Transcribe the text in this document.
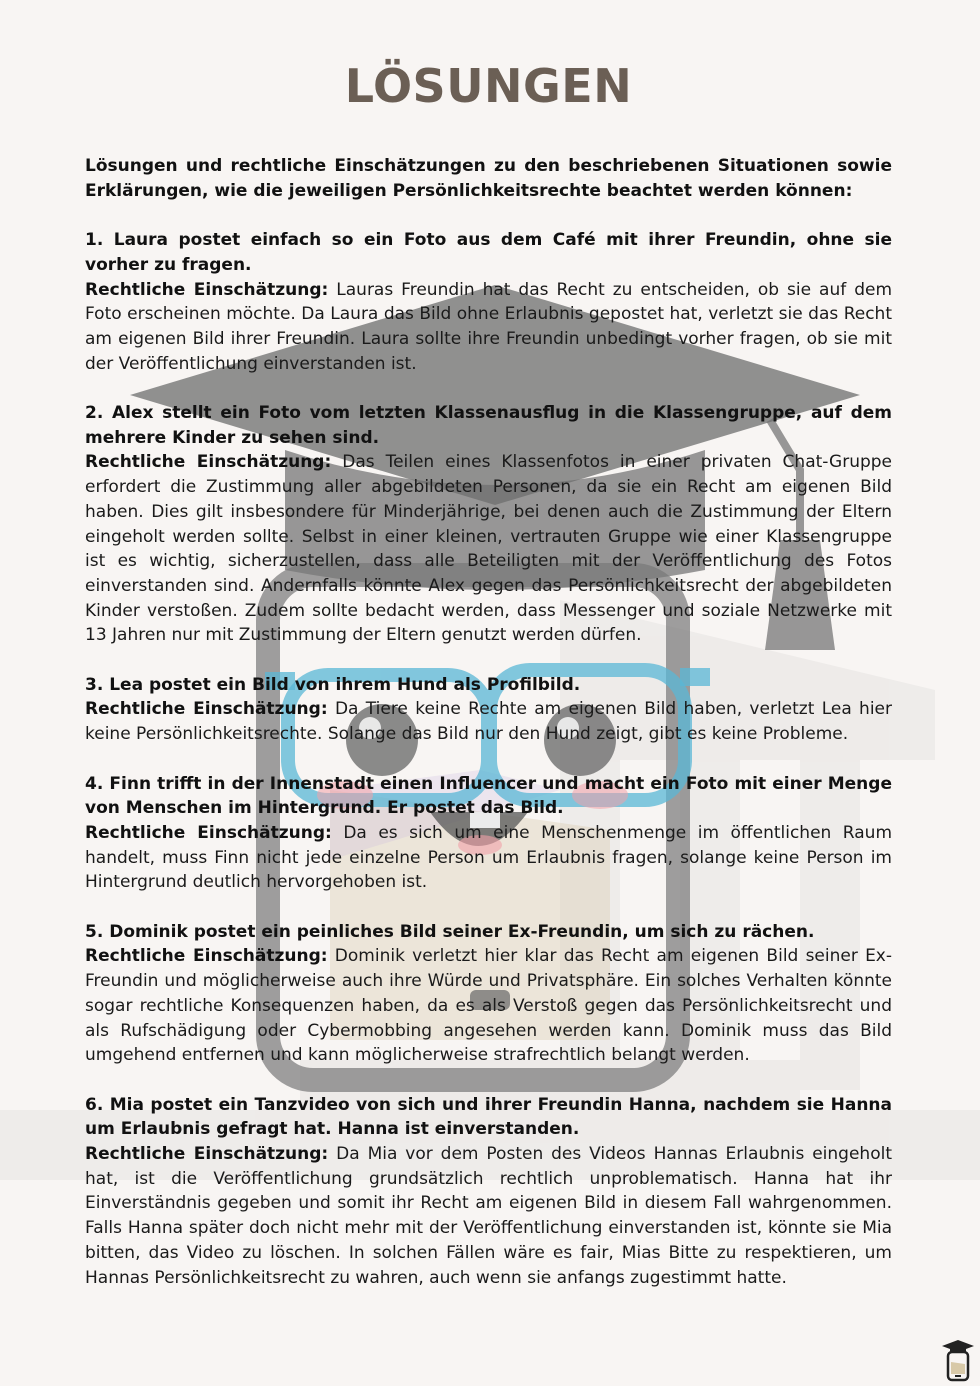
LÖSUNGEN

Lösungen und rechtliche Einschätzungen zu den beschriebenen Situationen sowie Erklärungen, wie die jeweiligen Persönlichkeitsrechte beachtet werden können:

1. Laura postet einfach so ein Foto aus dem Café mit ihrer Freundin, ohne sie vorher zu fragen.

Rechtliche Einschätzung: Lauras Freundin hat das Recht zu entscheiden, ob sie auf dem Foto erscheinen möchte. Da Laura das Bild ohne Erlaubnis gepostet hat, verletzt sie das Recht am eigenen Bild ihrer Freundin. Laura sollte ihre Freundin unbedingt vorher fragen, ob sie mit der Veröffentlichung einverstanden ist.

2. Alex stellt ein Foto vom letzten Klassenausflug in die Klassengruppe, auf dem mehrere Kinder zu sehen sind.

Rechtliche Einschätzung: Das Teilen eines Klassenfotos in einer privaten Chat-Gruppe erfordert die Zustimmung aller abgebildeten Personen, da sie ein Recht am eigenen Bild haben. Dies gilt insbesondere für Minderjährige, bei denen auch die Zustimmung der Eltern eingeholt werden sollte. Selbst in einer kleinen, vertrauten Gruppe wie einer Klassengruppe ist es wichtig, sicherzustellen, dass alle Beteiligten mit der Veröffentlichung des Fotos einverstanden sind. Andernfalls könnte Alex gegen das Persönlichkeitsrecht der abgebildeten Kinder verstoßen. Zudem sollte bedacht werden, dass Messenger und soziale Netzwerke mit 13 Jahren nur mit Zustimmung der Eltern genutzt werden dürfen.

3. Lea postet ein Bild von ihrem Hund als Profilbild.

Rechtliche Einschätzung: Da Tiere keine Rechte am eigenen Bild haben, verletzt Lea hier keine Persönlichkeitsrechte. Solange das Bild nur den Hund zeigt, gibt es keine Probleme.

4. Finn trifft in der Innenstadt einen Influencer und macht ein Foto mit einer Menge von Menschen im Hintergrund. Er postet das Bild.

Rechtliche Einschätzung: Da es sich um eine Menschenmenge im öffentlichen Raum handelt, muss Finn nicht jede einzelne Person um Erlaubnis fragen, solange keine Person im Hintergrund deutlich hervorgehoben ist.

5. Dominik postet ein peinliches Bild seiner Ex-Freundin, um sich zu rächen.

Rechtliche Einschätzung: Dominik verletzt hier klar das Recht am eigenen Bild seiner Ex-Freundin und möglicherweise auch ihre Würde und Privatsphäre. Ein solches Verhalten könnte sogar rechtliche Konsequenzen haben, da es als Verstoß gegen das Persönlichkeitsrecht und als Rufschädigung oder Cybermobbing angesehen werden kann. Dominik muss das Bild umgehend entfernen und kann möglicherweise strafrechtlich belangt werden.

6. Mia postet ein Tanzvideo von sich und ihrer Freundin Hanna, nachdem sie Hanna um Erlaubnis gefragt hat. Hanna ist einverstanden.

Rechtliche Einschätzung: Da Mia vor dem Posten des Videos Hannas Erlaubnis eingeholt hat, ist die Veröffentlichung grundsätzlich rechtlich unproblematisch. Hanna hat ihr Einverständnis gegeben und somit ihr Recht am eigenen Bild in diesem Fall wahrgenommen. Falls Hanna später doch nicht mehr mit der Veröffentlichung einverstanden ist, könnte sie Mia bitten, das Video zu löschen. In solchen Fällen wäre es fair, Mias Bitte zu respektieren, um Hannas Persönlichkeitsrecht zu wahren, auch wenn sie anfangs zugestimmt hatte.
